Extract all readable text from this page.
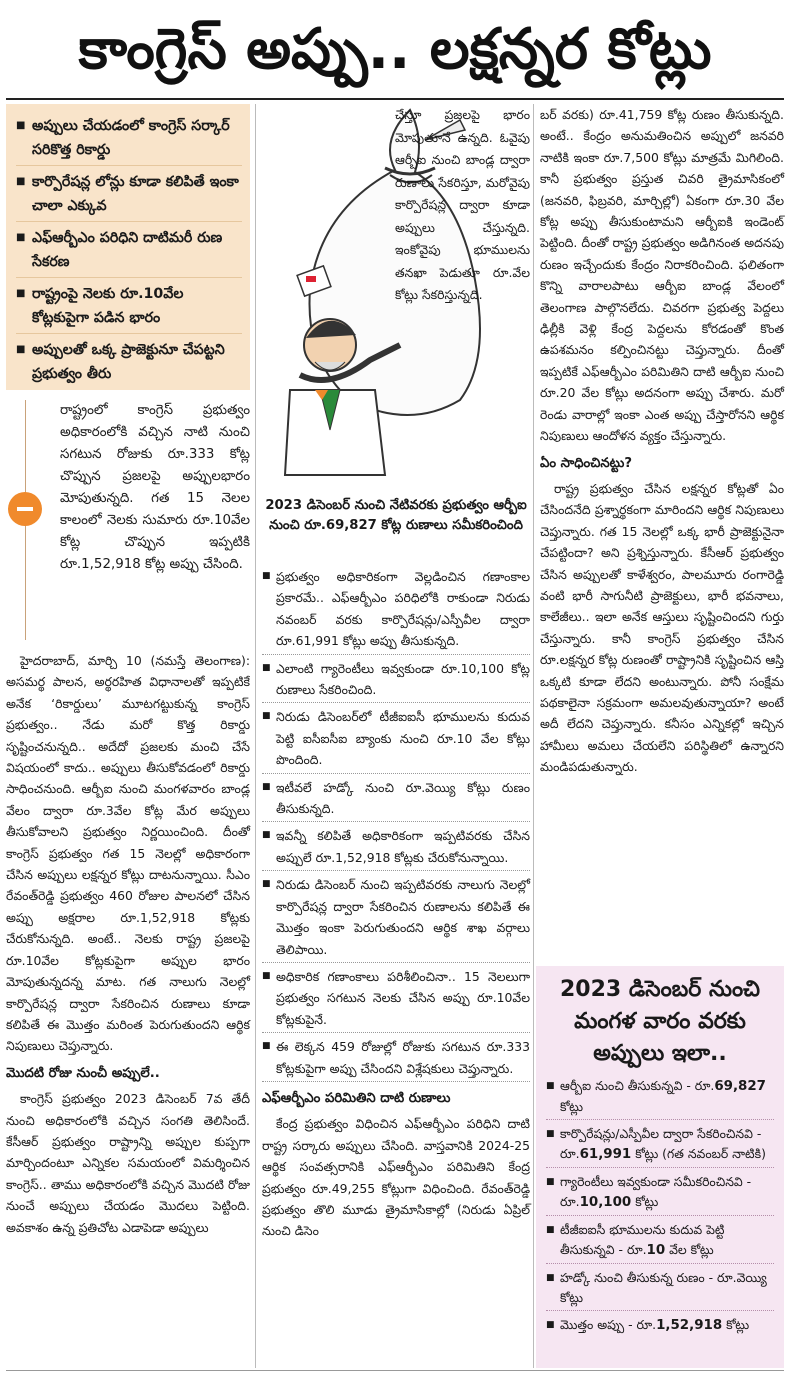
కాంగ్రెస్ అప్పు.. లక్షన్నర కోట్లు
■ అప్పులు చేయడంలో కాంగ్రెస్ సర్కార్ సరికొత్త రికార్డు
■ కార్పొరేషన్ల లోన్లు కూడా కలిపితే ఇంకా చాలా ఎక్కువ
■ ఎఫ్ఆర్బీఎం పరిధిని దాటిమరీ రుణ సేకరణ
■ రాష్ట్రంపై నెలకు రూ.10వేల కోట్లకుపైగా పడిన భారం
■ అప్పులతో ఒక్క ప్రాజెక్టునూ చేపట్టని ప్రభుత్వం తీరు
రాష్ట్రంలో కాంగ్రెస్ ప్రభుత్వం అధికారంలోకి వచ్చిన నాటి నుంచి సగటున రోజుకు రూ.333 కోట్ల చొప్పున ప్రజలపై అప్పులభారం మోపుతున్నది. గత 15 నెలల కాలంలో నెలకు సుమారు రూ.10వేల కోట్ల చొప్పున ఇప్పటికి రూ.1,52,918 కోట్ల అప్పు చేసింది.

హైదరాబాద్, మార్చి 10 (నమస్తే తెలంగాణ): అసమర్థ పాలన, అర్థరహిత విధానాలతో ఇప్పటికే అనేక ‘రికార్డులు’ మూటగట్టుకున్న కాంగ్రెస్ ప్రభుత్వం.. నేడు మరో కొత్త రికార్డు సృష్టించనున్నది.. అదేదో ప్రజలకు మంచి చేసే విషయంలో కాదు.. అప్పులు తీసుకోవడంలో రికార్డు సాధించనుంది. ఆర్బీఐ నుంచి మంగళవారం బాండ్ల వేలం ద్వారా రూ.3వేల కోట్ల మేర అప్పులు తీసుకోవాలని ప్రభుత్వం నిర్ణయించింది. దీంతో కాంగ్రెస్ ప్రభుత్వం గత 15 నెలల్లో అధికారంగా చేసిన అప్పులు లక్షన్నర కోట్లు దాటనున్నాయి. సీఎం రేవంత్‌రెడ్డి ప్రభుత్వం 460 రోజుల పాలనలో చేసిన అప్పు అక్షరాల రూ.1,52,918 కోట్లకు చేరుకోనున్నది. అంటే.. నెలకు రాష్ట్ర ప్రజలపై రూ.10వేల కోట్లకుపైగా అప్పుల భారం మోపుతున్నదన్న మాట. గత నాలుగు నెలల్లో కార్పొరేషన్ల ద్వారా సేకరించిన రుణాలు కూడా కలిపితే ఈ మొత్తం మరింత పెరుగుతుందని ఆర్థిక నిపుణులు చెప్తున్నారు.

మొదటి రోజు నుంచీ అప్పులే..

కాంగ్రెస్ ప్రభుత్వం 2023 డిసెంబర్ 7వ తేదీ నుంచి అధికారంలోకి వచ్చిన సంగతి తెలిసిందే. కేసీఆర్ ప్రభుత్వం రాష్ట్రాన్ని అప్పుల కుప్పగా మార్చిందంటూ ఎన్నికల సమయంలో విమర్శించిన కాంగ్రెస్.. తాము అధికారంలోకి వచ్చిన మొదటి రోజు నుంచే అప్పులు చేయడం మొదలు పెట్టింది. అవకాశం ఉన్న ప్రతిచోట ఎడాపెడా అప్పులు

చేస్తూ ప్రజలపై భారం మోపుతూనే ఉన్నది. ఓవైపు ఆర్బీఐ నుంచి బాండ్ల ద్వారా రుణాలు సేకరిస్తూ, మరోవైపు కార్పొరేషన్ల ద్వారా కూడా అప్పులు చేస్తున్నది. ఇంకోవైపు భూములను తనఖా పెడుతూ రూ.వేల కోట్లు సేకరిస్తున్నది.
2023 డిసెంబర్ నుంచి నేటివరకు ప్రభుత్వం ఆర్బీఐ నుంచి రూ.69,827 కోట్ల రుణాలు సమీకరించింది
■ ప్రభుత్వం అధికారికంగా వెల్లడించిన గణాంకాల ప్రకారమే.. ఎఫ్ఆర్బీఎం పరిధిలోకి రాకుండా నిరుడు నవంబర్ వరకు కార్పొరేషన్లు/ఎస్పీవీల ద్వారా రూ.61,991 కోట్లు అప్పు తీసుకున్నది.
■ ఎలాంటి గ్యారెంటీలు ఇవ్వకుండా రూ.10,100 కోట్ల రుణాలు సేకరించింది.
■ నిరుడు డిసెంబర్‌లో టీజీఐఐసీ భూములను కుదువ పెట్టి ఐసీఐసీఐ బ్యాంకు నుంచి రూ.10 వేల కోట్లు పొందింది.
■ ఇటీవలే హడ్కో నుంచి రూ.వెయ్యి కోట్లు రుణం తీసుకున్నది.
■ ఇవన్నీ కలిపితే అధికారికంగా ఇప్పటివరకు చేసిన అప్పులే రూ.1,52,918 కోట్లకు చేరుకోనున్నాయి.
■ నిరుడు డిసెంబర్ నుంచి ఇప్పటివరకు నాలుగు నెలల్లో కార్పొరేషన్ల ద్వారా సేకరించిన రుణాలను కలిపితే ఈ మొత్తం ఇంకా పెరుగుతుందని ఆర్థిక శాఖ వర్గాలు తెలిపాయి.
■ అధికారిక గణాంకాలు పరిశీలించినా.. 15 నెలలుగా ప్రభుత్వం సగటున నెలకు చేసిన అప్పు రూ.10వేల కోట్లకుపైనే.
■ ఈ లెక్కన 459 రోజుల్లో రోజుకు సగటున రూ.333 కోట్లకుపైగా అప్పు చేసిందని విశ్లేషకులు చెప్తున్నారు.
ఎఫ్ఆర్బీఎం పరిమితిని దాటి రుణాలు

కేంద్ర ప్రభుత్వం విధించిన ఎఫ్ఆర్బీఎం పరిధిని దాటి రాష్ట్ర సర్కారు అప్పులు చేసింది. వాస్తవానికి 2024-25 ఆర్థిక సంవత్సరానికి ఎఫ్ఆర్బీఎం పరిమితిని కేంద్ర ప్రభుత్వం రూ.49,255 కోట్లుగా విధించింది. రేవంత్‌రెడ్డి ప్రభుత్వం తొలి మూడు త్రైమాసికాల్లో (నిరుడు ఏప్రిల్ నుంచి డిసెం

బర్ వరకు) రూ.41,759 కోట్ల రుణం తీసుకున్నది. అంటే.. కేంద్రం అనుమతించిన అప్పులో జనవరి నాటికి ఇంకా రూ.7,500 కోట్లు మాత్రమే మిగిలింది. కానీ ప్రభుత్వం ప్రస్తుత చివరి త్రైమాసికంలో (జనవరి, ఫిబ్రవరి, మార్చిల్లో) ఏకంగా రూ.30 వేల కోట్ల అప్పు తీసుకుంటామని ఆర్బీఐకి ఇండెంట్ పెట్టింది. దీంతో రాష్ట్ర ప్రభుత్వం అడిగినంత అదనపు రుణం ఇచ్చేందుకు కేంద్రం నిరాకరించింది. ఫలితంగా కొన్ని వారాలపాటు ఆర్బీఐ బాండ్ల వేలంలో తెలంగాణ పాల్గొనలేదు. చివరగా ప్రభుత్వ పెద్దలు ఢిల్లీకి వెళ్లి కేంద్ర పెద్దలను కోరడంతో కొంత ఉపశమనం కల్పించినట్టు చెప్తున్నారు. దీంతో ఇప్పటికే ఎఫ్ఆర్బీఎం పరిమితిని దాటి ఆర్బీఐ నుంచి రూ.20 వేల కోట్లు అదనంగా అప్పు చేశారు. మరో రెండు వారాల్లో ఇంకా ఎంత అప్పు చేస్తారోనని ఆర్థిక నిపుణులు ఆందోళన వ్యక్తం చేస్తున్నారు.

ఏం సాధించినట్టు?

రాష్ట్ర ప్రభుత్వం చేసిన లక్షన్నర కోట్లతో ఏం చేసిందనేది ప్రశ్నార్థకంగా మారిందని ఆర్థిక నిపుణులు చెప్తున్నారు. గత 15 నెలల్లో ఒక్క భారీ ప్రాజెక్టునైనా చేపట్టిందా? అని ప్రశ్నిస్తున్నారు. కేసీఆర్ ప్రభుత్వం చేసిన అప్పులతో కాళేశ్వరం, పాలమూరు రంగారెడ్డి వంటి భారీ సాగునీటి ప్రాజెక్టులు, భారీ భవనాలు, కాలేజీలు.. ఇలా అనేక ఆస్తులు సృష్టించిందని గుర్తు చేస్తున్నారు. కానీ కాంగ్రెస్ ప్రభుత్వం చేసిన రూ.లక్షన్నర కోట్ల రుణంతో రాష్ట్రానికి సృష్టించిన ఆస్తి ఒక్కటి కూడా లేదని అంటున్నారు. పోనీ సంక్షేమ పథకాలైనా సక్రమంగా అమలవుతున్నాయా? అంటే అదీ లేదని చెప్తున్నారు. కనీసం ఎన్నికల్లో ఇచ్చిన హామీలు అమలు చేయలేని పరిస్థితిలో ఉన్నారని మండిపడుతున్నారు.

2023 డిసెంబర్ నుంచి మంగళ వారం వరకు అప్పులు ఇలా..
■ ఆర్బీఐ నుంచి తీసుకున్నవి - రూ.69,827 కోట్లు
■ కార్పొరేషన్లు/ఎస్పీవీల ద్వారా సేకరించినవి - రూ.61,991 కోట్లు (గత నవంబర్ నాటికి)
■ గ్యారెంటీలు ఇవ్వకుండా సమీకరించినవి - రూ.10,100 కోట్లు
■ టీజీఐఐసీ భూములను కుదువ పెట్టి తీసుకున్నవి - రూ.10 వేల కోట్లు
■ హడ్కో నుంచి తీసుకున్న రుణం - రూ.వెయ్యి కోట్లు
■ మొత్తం అప్పు - రూ.1,52,918 కోట్లు
